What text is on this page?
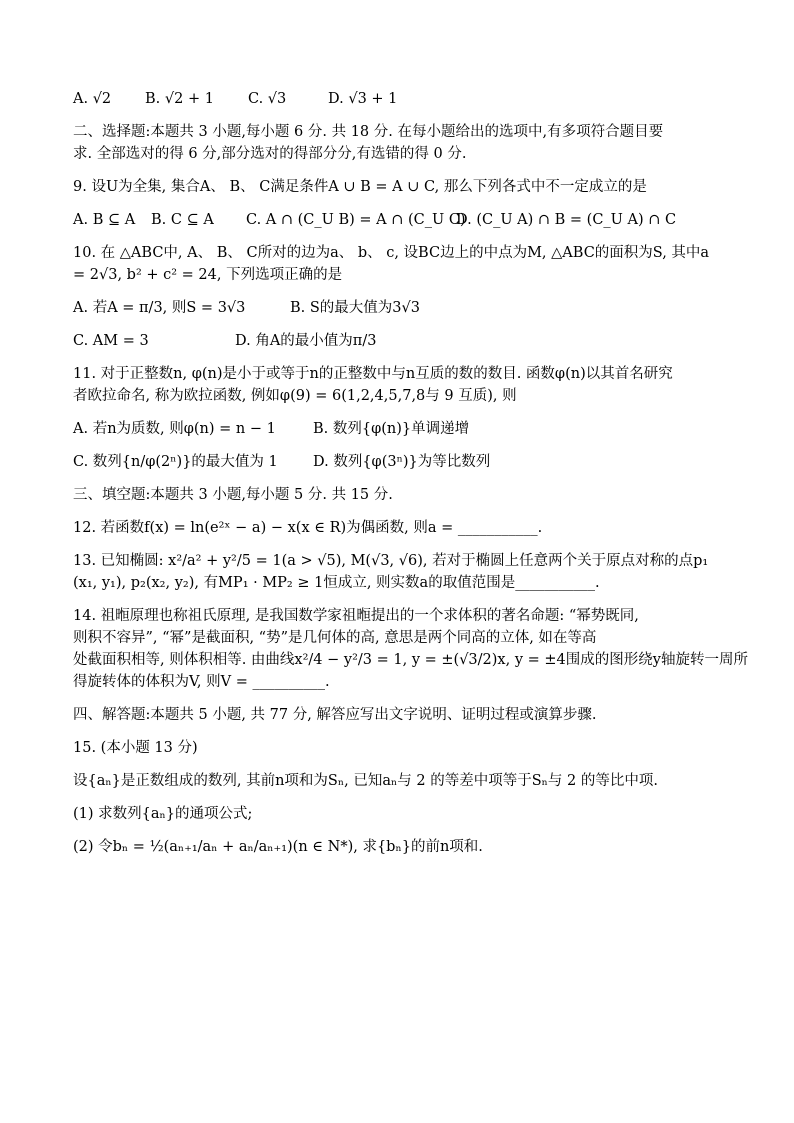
A. √2	B. √2 + 1	C. √3	D. √3 + 1
二、选择题:本题共 3 小题,每小题 6 分. 共 18 分. 在每小题给出的选项中,有多项符合题目要
求. 全部选对的得 6 分,部分选对的得部分分,有选错的得 0 分.
9. 设U为全集, 集合A、 B、 C满足条件A ∪ B = A ∪ C, 那么下列各式中不一定成立的是
A. B ⊆ A	B. C ⊆ A	C. A ∩ (C_U B) = A ∩ (C_U C)
D. (C_U A) ∩ B = (C_U A) ∩ C
10. 在 △ABC中, A、 B、 C所对的边为a、 b、 c, 设BC边上的中点为M, △ABC的面积为S, 其中a
= 2√3, b² + c² = 24, 下列选项正确的是
A. 若A = π/3, 则S = 3√3	B. S的最大值为3√3
C. AM = 3	D. 角A的最小值为π/3
11. 对于正整数n, φ(n)是小于或等于n的正整数中与n互质的数的数目. 函数φ(n)以其首名研究
者欧拉命名, 称为欧拉函数, 例如φ(9) = 6(1,2,4,5,7,8与 9 互质), 则
A. 若n为质数, 则φ(n) = n − 1	B. 数列{φ(n)}单调递增
C. 数列{n/φ(2ⁿ)}的最大值为 1	D. 数列{φ(3ⁿ)}为等比数列
三、填空题:本题共 3 小题,每小题 5 分. 共 15 分.
12. 若函数f(x) = ln(e²ˣ − a) − x(x ∈ R)为偶函数, 则a = ___________.
13. 已知椭圆: x²/a² + y²/5 = 1(a > √5), M(√3, √6), 若对于椭圆上任意两个关于原点对称的点p₁
(x₁, y₁), p₂(x₂, y₂), 有MP₁ · MP₂ ≥ 1恒成立, 则实数a的取值范围是___________.
14. 祖暅原理也称祖氏原理, 是我国数学家祖暅提出的一个求体积的著名命题: “幂势既同,
则积不容异”, “幂”是截面积, “势”是几何体的高, 意思是两个同高的立体, 如在等高
处截面积相等, 则体积相等. 由曲线x²/4 − y²/3 = 1, y = ±(√3/2)x, y = ±4围成的图形绕y轴旋转一周所
得旋转体的体积为V, 则V = __________.
四、解答题:本题共 5 小题, 共 77 分, 解答应写出文字说明、证明过程或演算步骤.
15. (本小题 13 分)
设{aₙ}是正数组成的数列, 其前n项和为Sₙ, 已知aₙ与 2 的等差中项等于Sₙ与 2 的等比中项.
(1) 求数列{aₙ}的通项公式;
(2) 令bₙ = ½(aₙ₊₁/aₙ + aₙ/aₙ₊₁)(n ∈ N*), 求{bₙ}的前n项和.
